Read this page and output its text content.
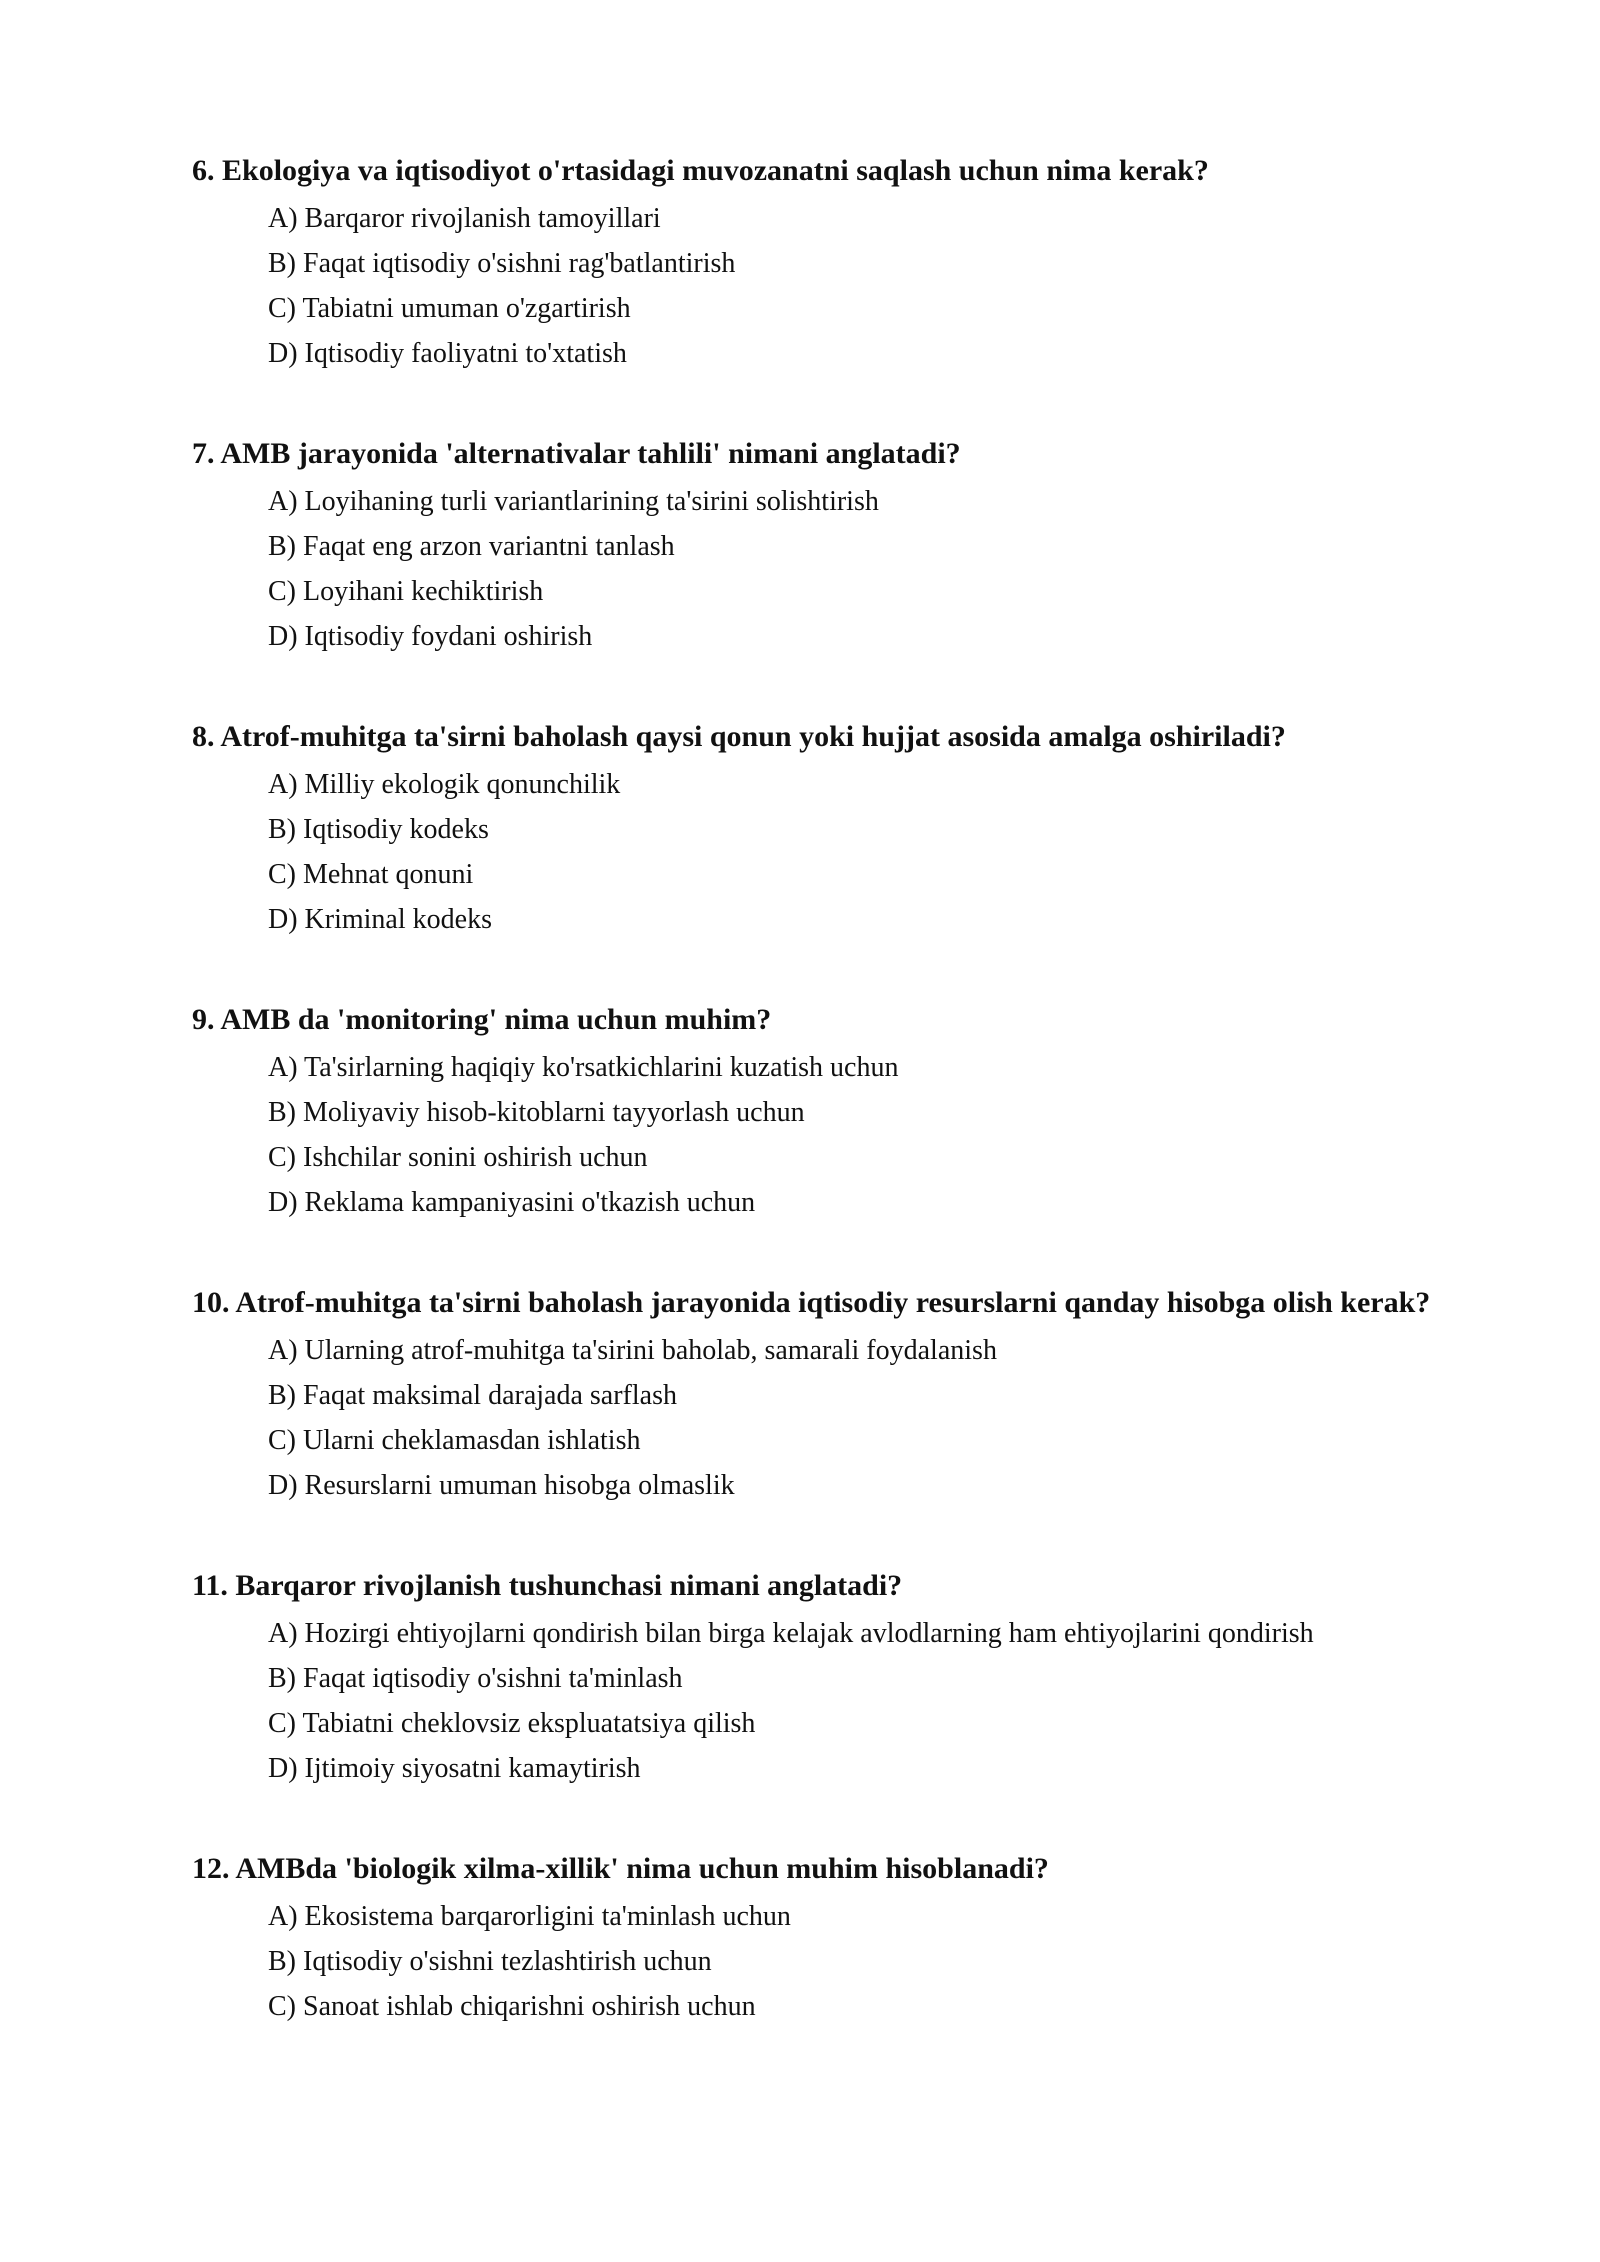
6. Ekologiya va iqtisodiyot o'rtasidagi muvozanatni saqlash uchun nima kerak?
A) Barqaror rivojlanish tamoyillari
B) Faqat iqtisodiy o'sishni rag'batlantirish
C) Tabiatni umuman o'zgartirish
D) Iqtisodiy faoliyatni to'xtatish
7. AMB jarayonida 'alternativalar tahlili' nimani anglatadi?
A) Loyihaning turli variantlarining ta'sirini solishtirish
B) Faqat eng arzon variantni tanlash
C) Loyihani kechiktirish
D) Iqtisodiy foydani oshirish
8. Atrof-muhitga ta'sirni baholash qaysi qonun yoki hujjat asosida amalga oshiriladi?
A) Milliy ekologik qonunchilik
B) Iqtisodiy kodeks
C) Mehnat qonuni
D) Kriminal kodeks
9. AMB da 'monitoring' nima uchun muhim?
A) Ta'sirlarning haqiqiy ko'rsatkichlarini kuzatish uchun
B) Moliyaviy hisob-kitoblarni tayyorlash uchun
C) Ishchilar sonini oshirish uchun
D) Reklama kampaniyasini o'tkazish uchun
10. Atrof-muhitga ta'sirni baholash jarayonida iqtisodiy resurslarni qanday hisobga olish kerak?
A) Ularning atrof-muhitga ta'sirini baholab, samarali foydalanish
B) Faqat maksimal darajada sarflash
C) Ularni cheklamasdan ishlatish
D) Resurslarni umuman hisobga olmaslik
11. Barqaror rivojlanish tushunchasi nimani anglatadi?
A) Hozirgi ehtiyojlarni qondirish bilan birga kelajak avlodlarning ham ehtiyojlarini qondirish
B) Faqat iqtisodiy o'sishni ta'minlash
C) Tabiatni cheklovsiz ekspluatatsiya qilish
D) Ijtimoiy siyosatni kamaytirish
12. AMBda 'biologik xilma-xillik' nima uchun muhim hisoblanadi?
A) Ekosistema barqarorligini ta'minlash uchun
B) Iqtisodiy o'sishni tezlashtirish uchun
C) Sanoat ishlab chiqarishni oshirish uchun
